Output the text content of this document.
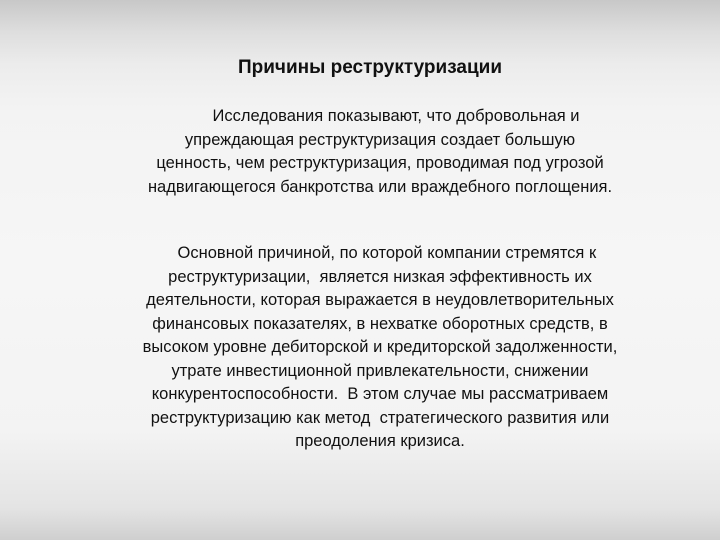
Причины реструктуризации
Исследования показывают, что добровольная и
упреждающая реструктуризация создает большую
ценность, чем реструктуризация, проводимая под угрозой
надвигающегося банкротства или враждебного поглощения.
Основной причиной, по которой компании стремятся к
реструктуризации,  является низкая эффективность их
деятельности, которая выражается в неудовлетворительных
финансовых показателях, в нехватке оборотных средств, в
высоком уровне дебиторской и кредиторской задолженности,
утрате инвестиционной привлекательности, снижении
конкурентоспособности.  В этом случае мы рассматриваем
реструктуризацию как метод  стратегического развития или
преодоления кризиса.
